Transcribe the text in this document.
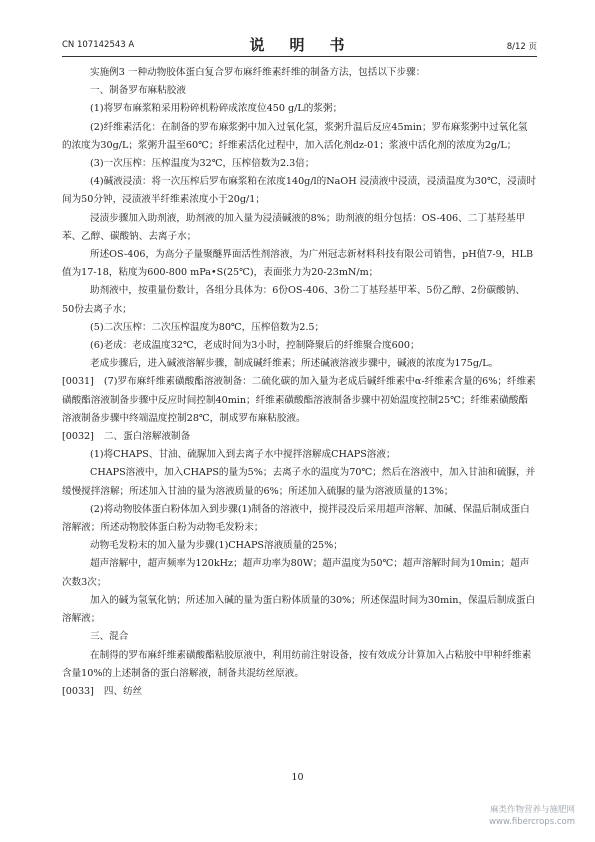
CN 107142543 A	说　明　书	8/12 页

实施例3 一种动物胶体蛋白复合罗布麻纤维素纤维的制备方法，包括以下步骤：

一、制备罗布麻粘胶液

(1)将罗布麻浆粕采用粉碎机粉碎成浓度位450 g/L的浆粥；

(2)纤维素活化：在制备的罗布麻浆粥中加入过氧化氢，浆粥升温后反应45min；罗布麻浆粥中过氧化氢的浓度为30g/L；浆粥升温至60℃；纤维素活化过程中，加入活化剂dz-01；浆液中活化剂的浓度为2g/L；

(3)一次压榨：压榨温度为32℃，压榨倍数为2.3倍；

(4)碱液浸渍：将一次压榨后罗布麻浆粕在浓度140g/l的NaOH 浸渍液中浸渍，浸渍温度为30℃，浸渍时间为50分钟，浸渍液半纤维素浓度小于20g/1；

浸渍步骤加入助剂液，助剂液的加入量为浸渍碱液的8%；助剂液的组分包括：OS-406、二丁基羟基甲苯、乙醇、碳酸钠、去离子水；

所述OS-406，为高分子量聚醚界面活性剂溶液，为广州冠志新材料科技有限公司销售，pH值7-9，HLB值为17-18，粘度为600-800 mPa•S(25℃)，表面张力为20-23mN/m；

助剂液中，按重量份数计，各组分具体为：6份OS-406、3份二丁基羟基甲苯、5份乙醇、2份碳酸钠、50份去离子水；

(5)二次压榨：二次压榨温度为80℃，压榨倍数为2.5；

(6)老成：老成温度32℃，老成时间为3小时，控制降聚后的纤维聚合度600；

老成步骤后，进入碱液溶解步骤，制成碱纤维素；所述碱液溶液步骤中，碱液的浓度为175g/L。

[0031] (7)罗布麻纤维素磺酸酯溶液制备：二硫化碳的加入量为老成后碱纤维素中α-纤维素含量的6%；纤维素磺酸酯溶液制备步骤中反应时间控制40min；纤维素磺酸酯溶液制备步骤中初始温度控制25℃；纤维素磺酸酯溶液制备步骤中终端温度控制28℃，制成罗布麻粘胶液。

[0032] 二、蛋白溶解液制备

(1)将CHAPS、甘油、硫脲加入到去离子水中搅拌溶解成CHAPS溶液；

CHAPS溶液中，加入CHAPS的量为5%；去离子水的温度为70℃；然后在溶液中，加入甘油和硫脲，并缓慢搅拌溶解；所述加入甘油的量为溶液质量的6%；所述加入硫脲的量为溶液质量的13%；

(2)将动物胶体蛋白粉体加入到步骤(1)制备的溶液中，搅拌浸没后采用超声溶解、加碱、保温后制成蛋白溶解液；所述动物胶体蛋白粉为动物毛发粉末；

动物毛发粉末的加入量为步骤(1)CHAPS溶液质量的25%；

超声溶解中，超声频率为120kHz；超声功率为80W；超声温度为50℃；超声溶解时间为10min；超声次数3次；

加入的碱为氢氧化钠；所述加入碱的量为蛋白粉体质量的30%；所述保温时间为30min，保温后制成蛋白溶解液；

三、混合

在制得的罗布麻纤维素磺酸酯粘胶原液中，利用纺前注射设备，按有效成分计算加入占粘胶中甲种纤维素含量10%的上述制备的蛋白溶解液，制备共混纺丝原液。

[0033] 四、纺丝

10
麻类作物营养与施肥网
www.fibercrops.com
